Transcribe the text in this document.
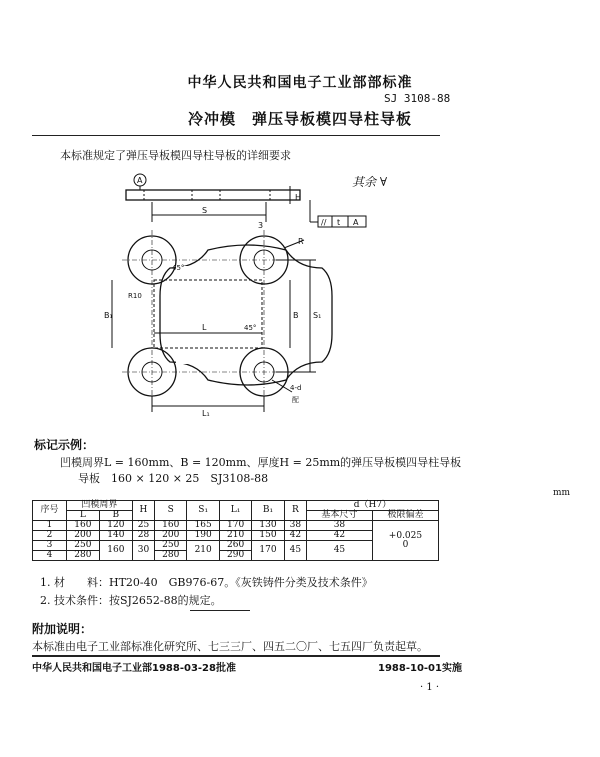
中华人民共和国电子工业部部标准
SJ 3108-88
冷冲模　弹压导板模四导柱导板
本标准规定了弹压导板模四导柱导板的详细要求
其余 ∀
A
S
3
H
// t A
L
L₁
B₁	B S₁
R
R10
45°
45°
4-d
配
标记示例：
凹模周界L = 160mm、B = 120mm、厚度H = 25mm的弹压导板模四导柱导板
导板　160 × 120 × 25　SJ3108-88
mm
序号	凹模周界		H	S	S₁	L₁	B₁	R	d（H7）	
	L	B							基本尺寸	极限偏差
1	160	120	25	160	165	170	130	38	38	+0.025
0
2	200	140	28	200	190	210	150	42	42	
3	250	160	30	250	210	260	170	45	45	
4	280			280		290				
1. 材　　料：HT20-40　GB976-67。《灰铁铸件分类及技术条件》
2. 技术条件：按SJ2652-88的规定。
附加说明：
本标准由电子工业部标准化研究所、七三三厂、四五二〇厂、七五四厂负责起草。
中华人民共和国电子工业部1988-03-28批准	1988-10-01实施
· 1 ·
